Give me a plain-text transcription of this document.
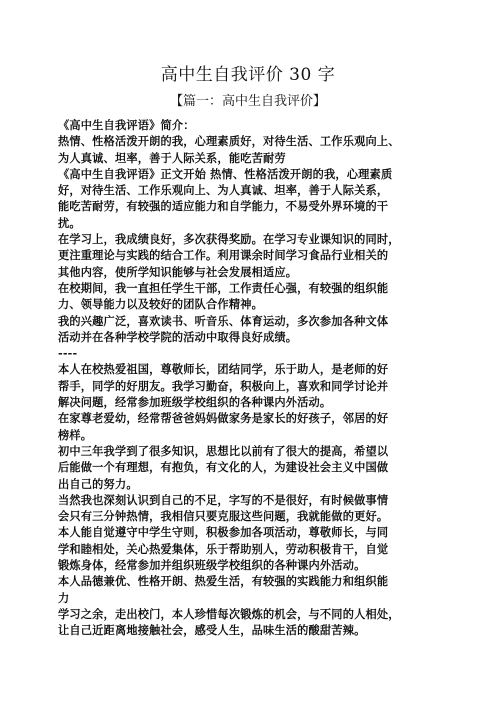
高中生自我评价 30 字
【篇一：高中生自我评价】
《高中生自我评语》简介：
热情、性格活泼开朗的我，心理素质好，对待生活、工作乐观向上、
为人真诚、坦率，善于人际关系，能吃苦耐劳
《高中生自我评语》正文开始 热情、性格活泼开朗的我，心理素质
好，对待生活、工作乐观向上、为人真诚、坦率，善于人际关系，
能吃苦耐劳，有较强的适应能力和自学能力，不易受外界环境的干
扰。
在学习上，我成绩良好，多次获得奖励。在学习专业课知识的同时，
更注重理论与实践的结合工作。利用课余时间学习食品行业相关的
其他内容，使所学知识能够与社会发展相适应。
在校期间，我一直担任学生干部，工作责任心强，有较强的组织能
力、领导能力以及较好的团队合作精神。
我的兴趣广泛，喜欢读书、听音乐、体育运动，多次参加各种文体
活动并在各种学校学院的活动中取得良好成绩。
----
本人在校热爱祖国，尊敬师长，团结同学，乐于助人，是老师的好
帮手，同学的好朋友。我学习勤奋，积极向上，喜欢和同学讨论并
解决问题，经常参加班级学校组织的各种课内外活动。
在家尊老爱幼，经常帮爸爸妈妈做家务是家长的好孩子，邻居的好
榜样。
初中三年我学到了很多知识，思想比以前有了很大的提高，希望以
后能做一个有理想，有抱负，有文化的人，为建设社会主义中国做
出自己的努力。
当然我也深刻认识到自己的不足，字写的不是很好，有时候做事情
会只有三分钟热情，我相信只要克服这些问题，我就能做的更好。
本人能自觉遵守中学生守则，积极参加各项活动，尊敬师长，与同
学和睦相处，关心热爱集体，乐于帮助别人，劳动积极肯干，自觉
锻炼身体，经常参加并组织班级学校组织的各种课内外活动。
本人品德兼优、性格开朗、热爱生活，有较强的实践能力和组织能
力
学习之余，走出校门，本人珍惜每次锻炼的机会，与不同的人相处，
让自己近距离地接触社会，感受人生，品味生活的酸甜苦辣。
